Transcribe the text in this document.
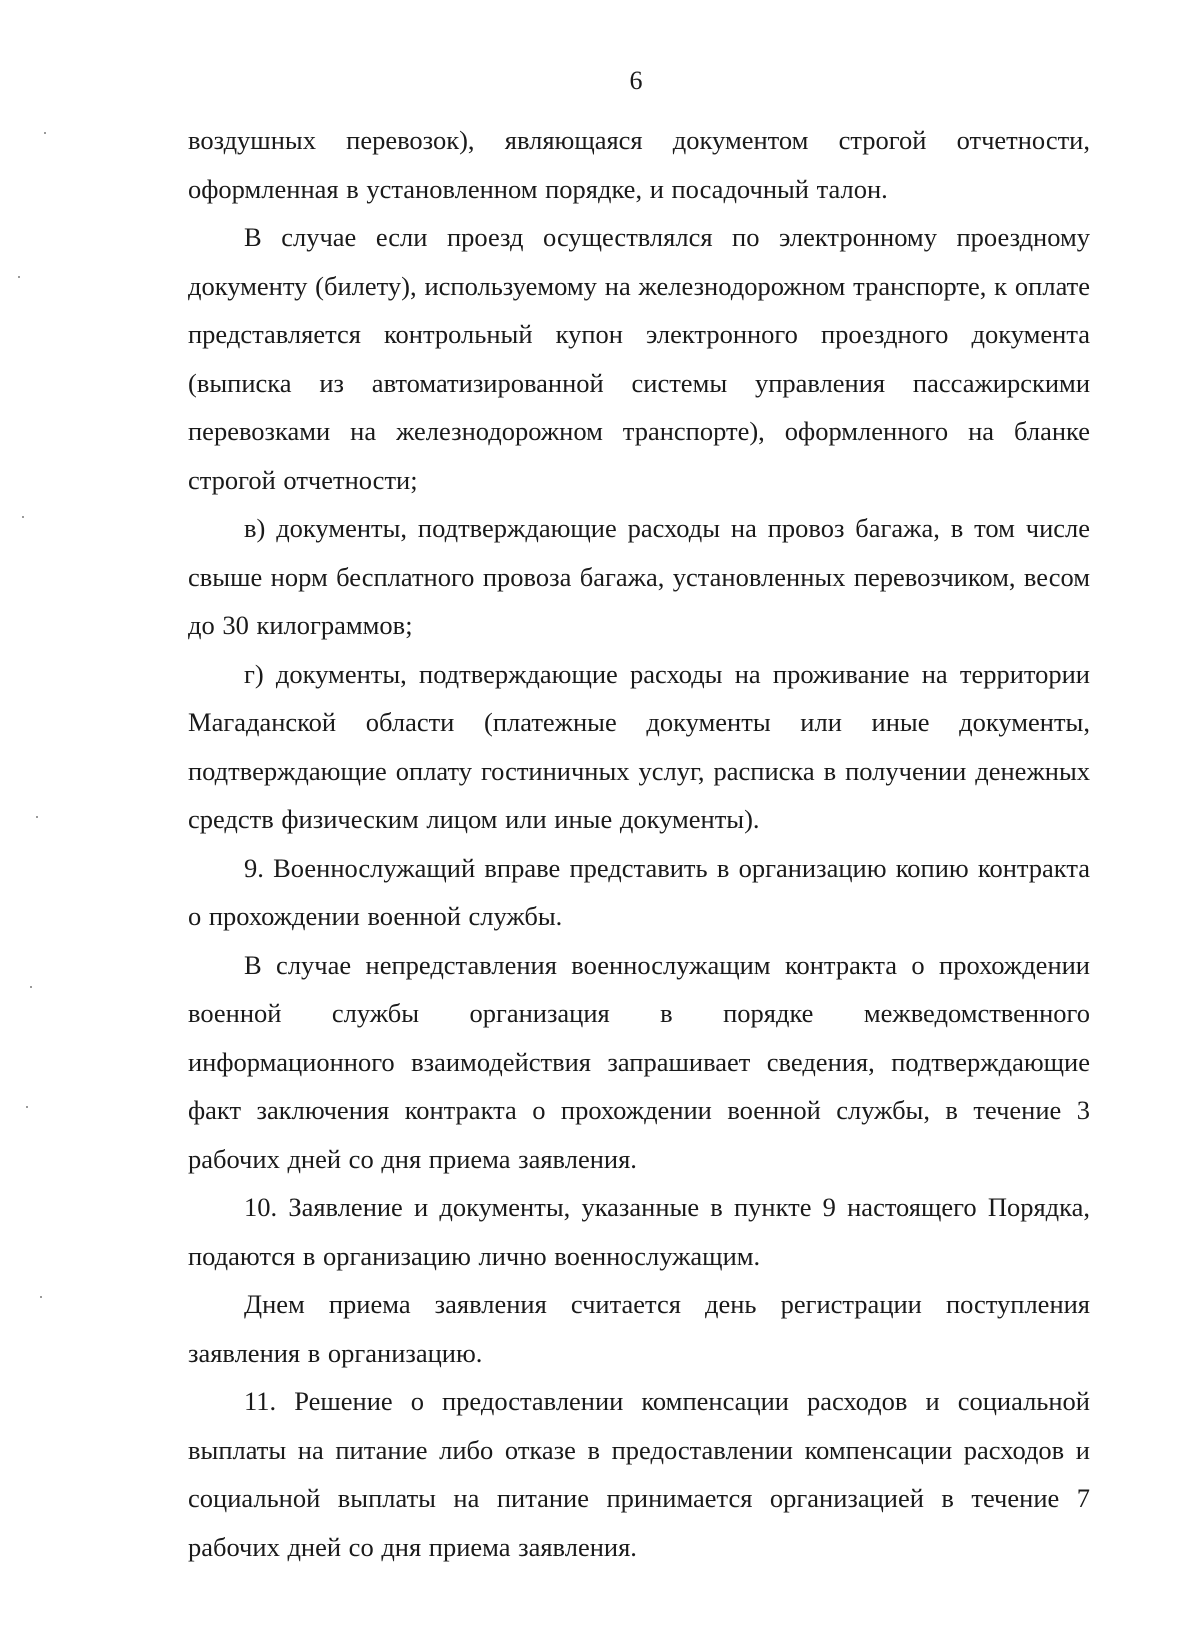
6

воздушных перевозок), являющаяся документом строгой отчетности, оформленная в установленном порядке, и посадочный талон.

В случае если проезд осуществлялся по электронному проездному документу (билету), используемому на железнодорожном транспорте, к оплате представляется контрольный купон электронного проездного документа (выписка из автоматизированной системы управления пассажирскими перевозками на железнодорожном транспорте), оформленного на бланке строгой отчетности;

в) документы, подтверждающие расходы на провоз багажа, в том числе свыше норм бесплатного провоза багажа, установленных перевозчиком, весом до 30 килограммов;

г) документы, подтверждающие расходы на проживание на территории Магаданской области (платежные документы или иные документы, подтверждающие оплату гостиничных услуг, расписка в получении денежных средств физическим лицом или иные документы).

9. Военнослужащий вправе представить в организацию копию контракта о прохождении военной службы.

В случае непредставления военнослужащим контракта о прохождении военной службы организация в порядке межведомственного информационного взаимодействия запрашивает сведения, подтверждающие факт заключения контракта о прохождении военной службы, в течение 3 рабочих дней со дня приема заявления.

10. Заявление и документы, указанные в пункте 9 настоящего Порядка, подаются в организацию лично военнослужащим.

Днем приема заявления считается день регистрации поступления заявления в организацию.

11. Решение о предоставлении компенсации расходов и социальной выплаты на питание либо отказе в предоставлении компенсации расходов и социальной выплаты на питание принимается организацией в течение 7 рабочих дней со дня приема заявления.
